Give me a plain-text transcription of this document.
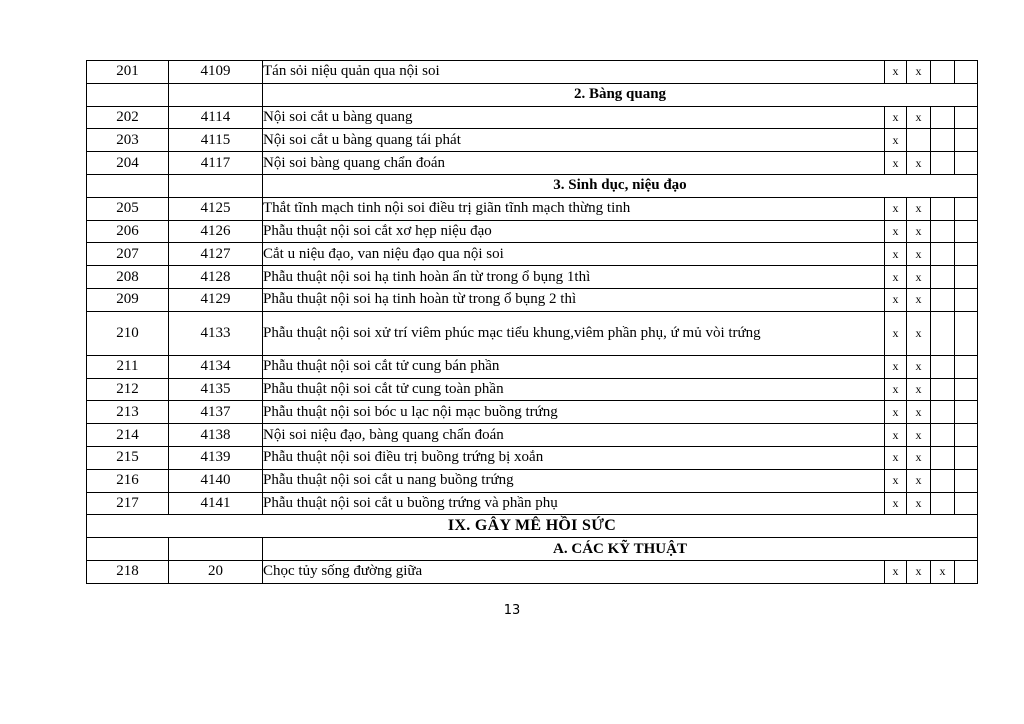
201	4109	Tán sỏi niệu quản qua nội soi	x	x		
		2. Bàng quang				
202	4114	Nội soi cắt u bàng quang	x	x		
203	4115	Nội soi cắt u bàng quang tái phát	x			
204	4117	Nội soi bàng quang chẩn đoán	x	x		
		3. Sinh dục, niệu đạo				
205	4125	Thắt tĩnh mạch tinh nội soi điều trị giãn tĩnh mạch thừng tinh	x	x		
206	4126	Phẫu thuật nội soi cắt xơ hẹp niệu đạo	x	x		
207	4127	Cắt u niệu đạo, van niệu đạo qua nội soi	x	x		
208	4128	Phẫu thuật nội soi hạ tinh hoàn ẩn từ trong ổ bụng 1thì	x	x		
209	4129	Phẫu thuật nội soi hạ tinh hoàn từ trong ổ bụng 2 thì	x	x		
210	4133	Phẫu thuật nội soi xử trí viêm phúc mạc tiểu khung,viêm phần phụ, ứ mủ vòi trứng	x	x		
211	4134	Phẫu thuật nội soi cắt tử cung bán phần	x	x		
212	4135	Phẫu thuật nội soi cắt tử cung toàn phần	x	x		
213	4137	Phẫu thuật nội soi bóc u lạc nội mạc buồng trứng	x	x		
214	4138	Nội soi niệu đạo, bàng quang chẩn đoán	x	x		
215	4139	Phẫu thuật nội soi điều trị buồng trứng bị xoắn	x	x		
216	4140	Phẫu thuật nội soi cắt u nang buồng trứng	x	x		
217	4141	Phẫu thuật nội soi cắt u buồng trứng và phần phụ	x	x		
IX. GÂY MÊ HỒI SỨC						
		A. CÁC KỸ THUẬT				
218	20	Chọc tủy sống đường giữa	x	x	x	
13
